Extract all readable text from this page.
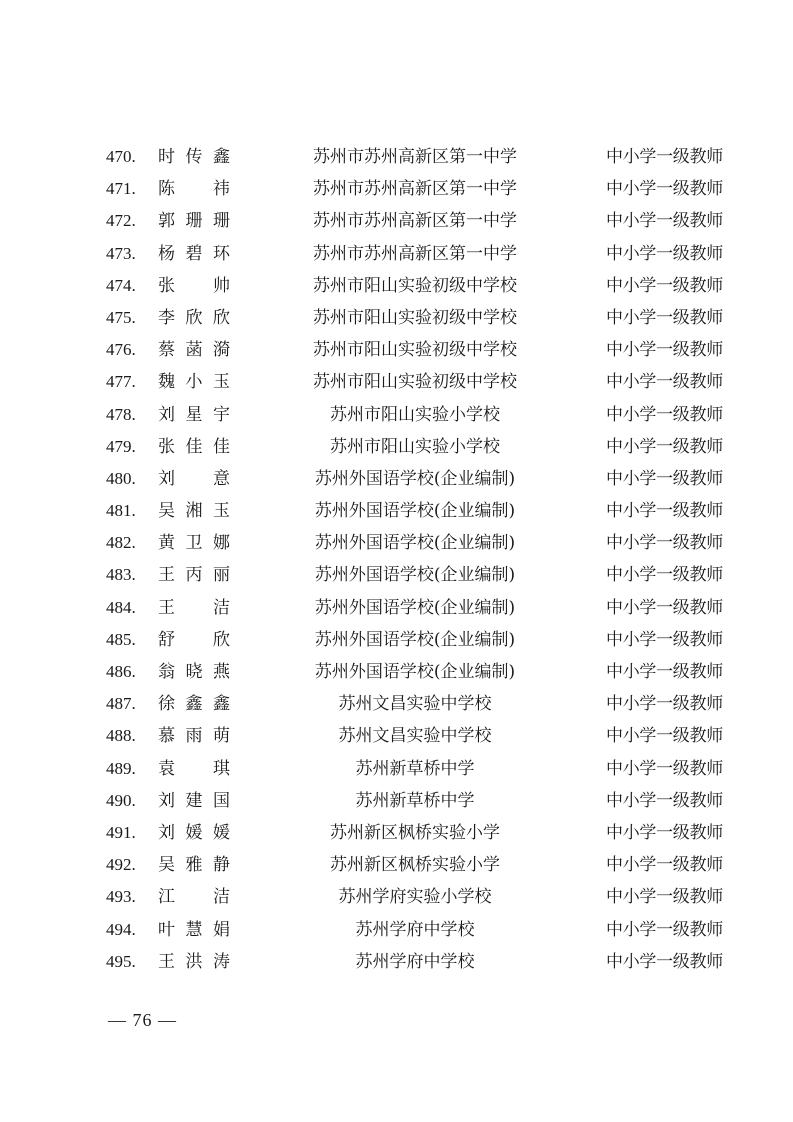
470.	时 传 鑫	苏州市苏州高新区第一中学	中小学一级教师
471.	陈 祎	苏州市苏州高新区第一中学	中小学一级教师
472.	郭 珊 珊	苏州市苏州高新区第一中学	中小学一级教师
473.	杨 碧 环	苏州市苏州高新区第一中学	中小学一级教师
474.	张 帅	苏州市阳山实验初级中学校	中小学一级教师
475.	李 欣 欣	苏州市阳山实验初级中学校	中小学一级教师
476.	蔡 菡 漪	苏州市阳山实验初级中学校	中小学一级教师
477.	魏 小 玉	苏州市阳山实验初级中学校	中小学一级教师
478.	刘 星 宇	苏州市阳山实验小学校	中小学一级教师
479.	张 佳 佳	苏州市阳山实验小学校	中小学一级教师
480.	刘 意	苏州外国语学校(企业编制)	中小学一级教师
481.	吴 湘 玉	苏州外国语学校(企业编制)	中小学一级教师
482.	黄 卫 娜	苏州外国语学校(企业编制)	中小学一级教师
483.	王 丙 丽	苏州外国语学校(企业编制)	中小学一级教师
484.	王 洁	苏州外国语学校(企业编制)	中小学一级教师
485.	舒 欣	苏州外国语学校(企业编制)	中小学一级教师
486.	翁 晓 燕	苏州外国语学校(企业编制)	中小学一级教师
487.	徐 鑫 鑫	苏州文昌实验中学校	中小学一级教师
488.	慕 雨 萌	苏州文昌实验中学校	中小学一级教师
489.	袁 琪	苏州新草桥中学	中小学一级教师
490.	刘 建 国	苏州新草桥中学	中小学一级教师
491.	刘 媛 媛	苏州新区枫桥实验小学	中小学一级教师
492.	吴 雅 静	苏州新区枫桥实验小学	中小学一级教师
493.	江 洁	苏州学府实验小学校	中小学一级教师
494.	叶 慧 娟	苏州学府中学校	中小学一级教师
495.	王 洪 涛	苏州学府中学校	中小学一级教师
— 76 —
